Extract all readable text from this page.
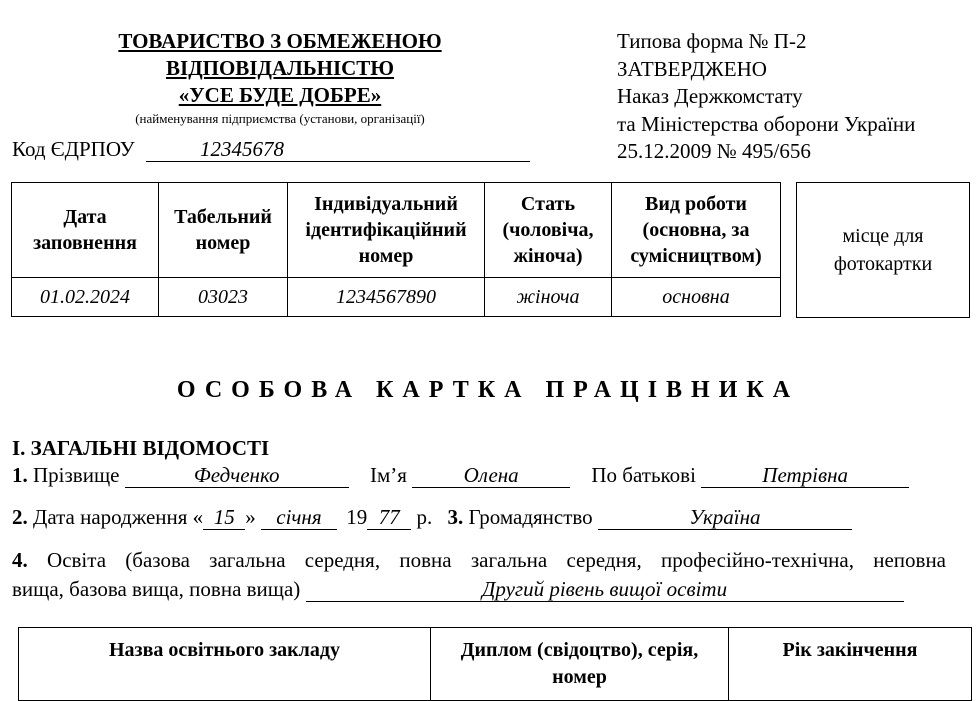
ТОВАРИСТВО З ОБМЕЖЕНОЮ
ВІДПОВІДАЛЬНІСТЮ
«УСЕ БУДЕ ДОБРЕ»
(найменування підприємства (установи, організації)
Код ЄДРПОУ	12345678
Типова форма № П-2
ЗАТВЕРДЖЕНО
Наказ Держкомстату
та Міністерства оборони України
25.12.2009 № 495/656
Дата заповнення	Табельний номер	Індивідуальний ідентифікаційний номер	Стать (чоловіча, жіноча)	Вид роботи (основна, за сумісництвом)
01.02.2024	03023	1234567890	жіноча	основна
місце для фотокартки
ОСОБОВА КАРТКА ПРАЦІВНИКА
І. ЗАГАЛЬНІ ВІДОМОСТІ
1. Прізвище	Федченко	Ім’я	Олена	По батькові	Петрівна
2. Дата народження « 15 » січня 19 77 р. 3. Громадянство	Україна
4. Освіта (базова загальна середня, повна загальна середня, професійно-технічна, неповна
вища, базова вища, повна вища)	Другий рівень вищої освіти
Назва освітнього закладу	Диплом (свідоцтво), серія, номер	Рік закінчення
